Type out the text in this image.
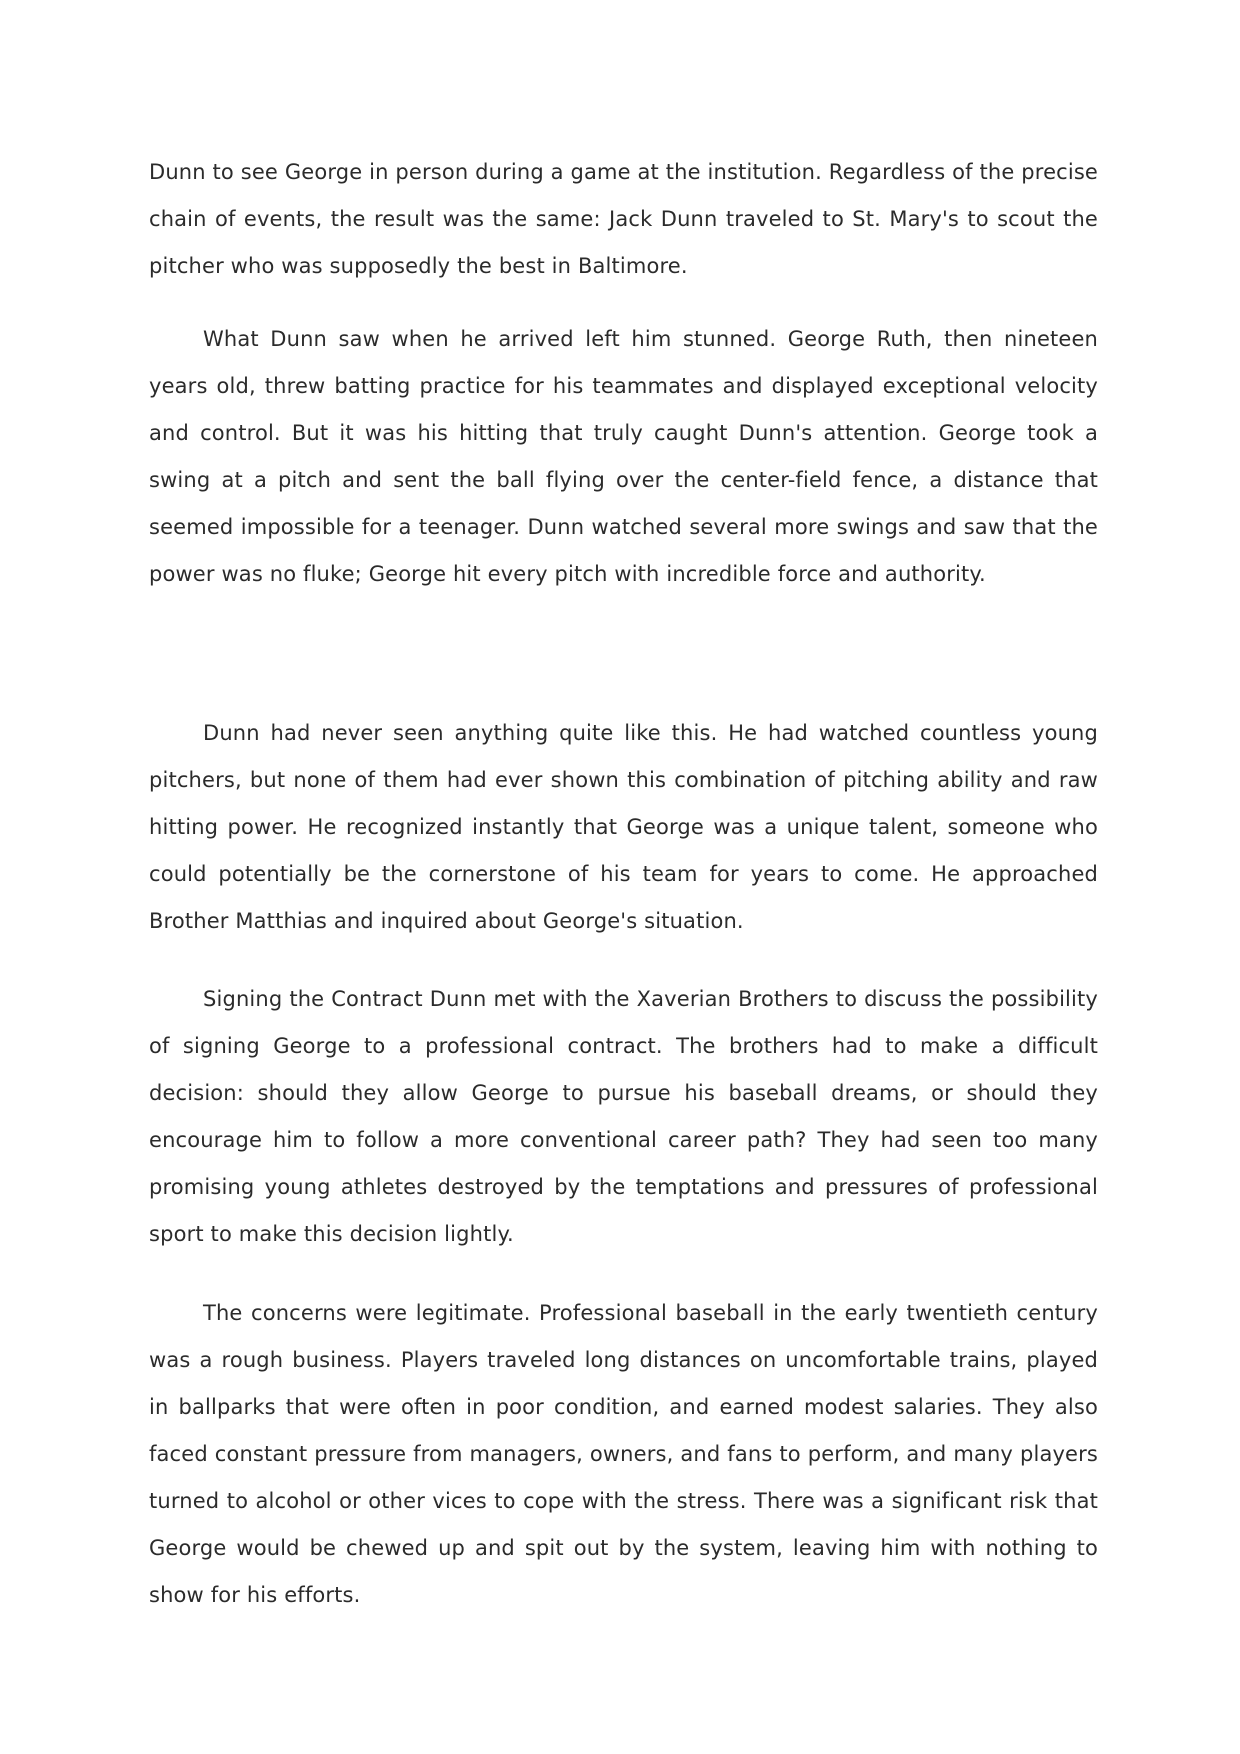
Dunn to see George in person during a game at the institution. Regardless of the precise chain of events, the result was the same: Jack Dunn traveled to St. Mary's to scout the pitcher who was supposedly the best in Baltimore.

What Dunn saw when he arrived left him stunned. George Ruth, then nineteen years old, threw batting practice for his teammates and displayed exceptional velocity and control. But it was his hitting that truly caught Dunn's attention. George took a swing at a pitch and sent the ball flying over the center-field fence, a distance that seemed impossible for a teenager. Dunn watched several more swings and saw that the power was no fluke; George hit every pitch with incredible force and authority.

Dunn had never seen anything quite like this. He had watched countless young pitchers, but none of them had ever shown this combination of pitching ability and raw hitting power. He recognized instantly that George was a unique talent, someone who could potentially be the cornerstone of his team for years to come. He approached Brother Matthias and inquired about George's situation.

Signing the Contract Dunn met with the Xaverian Brothers to discuss the possibility of signing George to a professional contract. The brothers had to make a difficult decision: should they allow George to pursue his baseball dreams, or should they encourage him to follow a more conventional career path? They had seen too many promising young athletes destroyed by the temptations and pressures of professional sport to make this decision lightly.

The concerns were legitimate. Professional baseball in the early twentieth century was a rough business. Players traveled long distances on uncomfortable trains, played in ballparks that were often in poor condition, and earned modest salaries. They also faced constant pressure from managers, owners, and fans to perform, and many players turned to alcohol or other vices to cope with the stress. There was a significant risk that George would be chewed up and spit out by the system, leaving him with nothing to show for his efforts.
